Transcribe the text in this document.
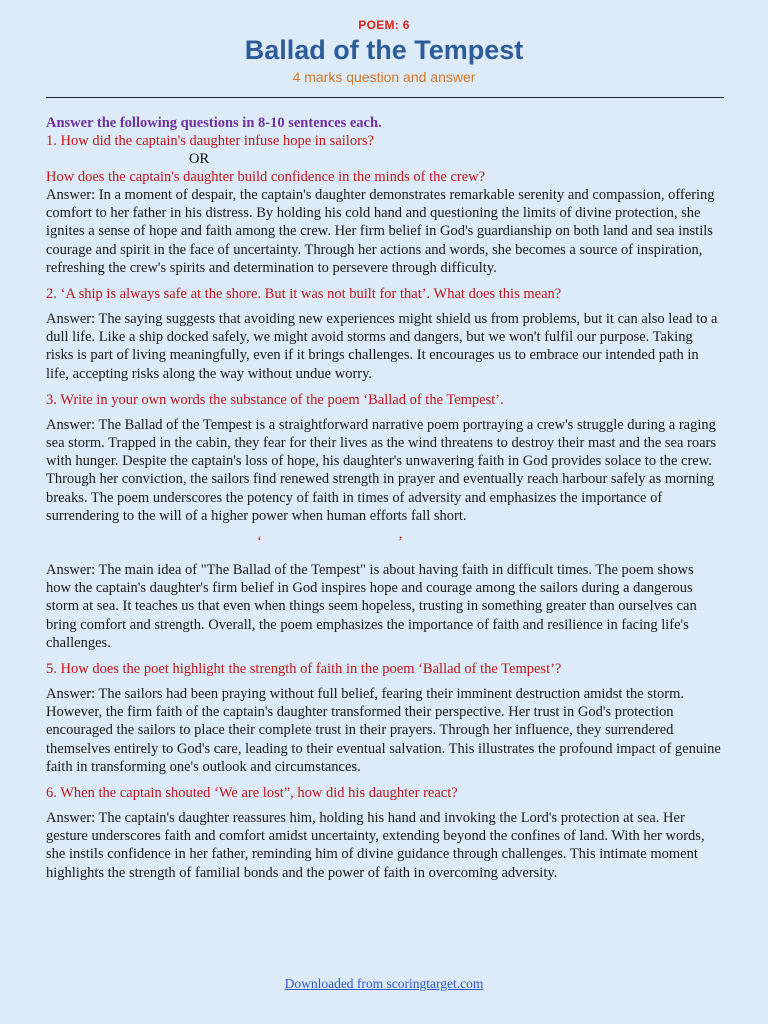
POEM: 6
Ballad of the Tempest
4 marks question and answer
Answer the following questions in 8-10 sentences each.
1. How did the captain's daughter infuse hope in sailors?
OR
How does the captain's daughter build confidence in the minds of the crew?
Answer: In a moment of despair, the captain's daughter demonstrates remarkable serenity and compassion, offering comfort to her father in his distress. By holding his cold hand and questioning the limits of divine protection, she ignites a sense of hope and faith among the crew. Her firm belief in God's guardianship on both land and sea instils courage and spirit in the face of uncertainty. Through her actions and words, she becomes a source of inspiration, refreshing the crew's spirits and determination to persevere through difficulty.
2. ‘A ship is always safe at the shore. But it was not built for that’. What does this mean?
Answer: The saying suggests that avoiding new experiences might shield us from problems, but it can also lead to a dull life. Like a ship docked safely, we might avoid storms and dangers, but we won't fulfil our purpose. Taking risks is part of living meaningfully, even if it brings challenges. It encourages us to embrace our intended path in life, accepting risks along the way without undue worry.
3. Write in your own words the substance of the poem ‘Ballad of the Tempest’.
Answer: The Ballad of the Tempest is a straightforward narrative poem portraying a crew's struggle during a raging sea storm. Trapped in the cabin, they fear for their lives as the wind threatens to destroy their mast and the sea roars with hunger. Despite the captain's loss of hope, his daughter's unwavering faith in God provides solace to the crew. Through her conviction, the sailors find renewed strength in prayer and eventually reach harbour safely as morning breaks. The poem underscores the potency of faith in times of adversity and emphasizes the importance of surrendering to the will of a higher power when human efforts fall short.
‘	’
Answer: The main idea of "The Ballad of the Tempest" is about having faith in difficult times. The poem shows how the captain's daughter's firm belief in God inspires hope and courage among the sailors during a dangerous storm at sea. It teaches us that even when things seem hopeless, trusting in something greater than ourselves can bring comfort and strength. Overall, the poem emphasizes the importance of faith and resilience in facing life's challenges.
5. How does the poet highlight the strength of faith in the poem ‘Ballad of the Tempest’?
Answer: The sailors had been praying without full belief, fearing their imminent destruction amidst the storm. However, the firm faith of the captain's daughter transformed their perspective. Her trust in God's protection encouraged the sailors to place their complete trust in their prayers. Through her influence, they surrendered themselves entirely to God's care, leading to their eventual salvation. This illustrates the profound impact of genuine faith in transforming one's outlook and circumstances.
6. When the captain shouted ‘We are lost”, how did his daughter react?
Answer: The captain's daughter reassures him, holding his hand and invoking the Lord's protection at sea. Her gesture underscores faith and comfort amidst uncertainty, extending beyond the confines of land. With her words, she instils confidence in her father, reminding him of divine guidance through challenges. This intimate moment highlights the strength of familial bonds and the power of faith in overcoming adversity.
Downloaded from scoringtarget.com
